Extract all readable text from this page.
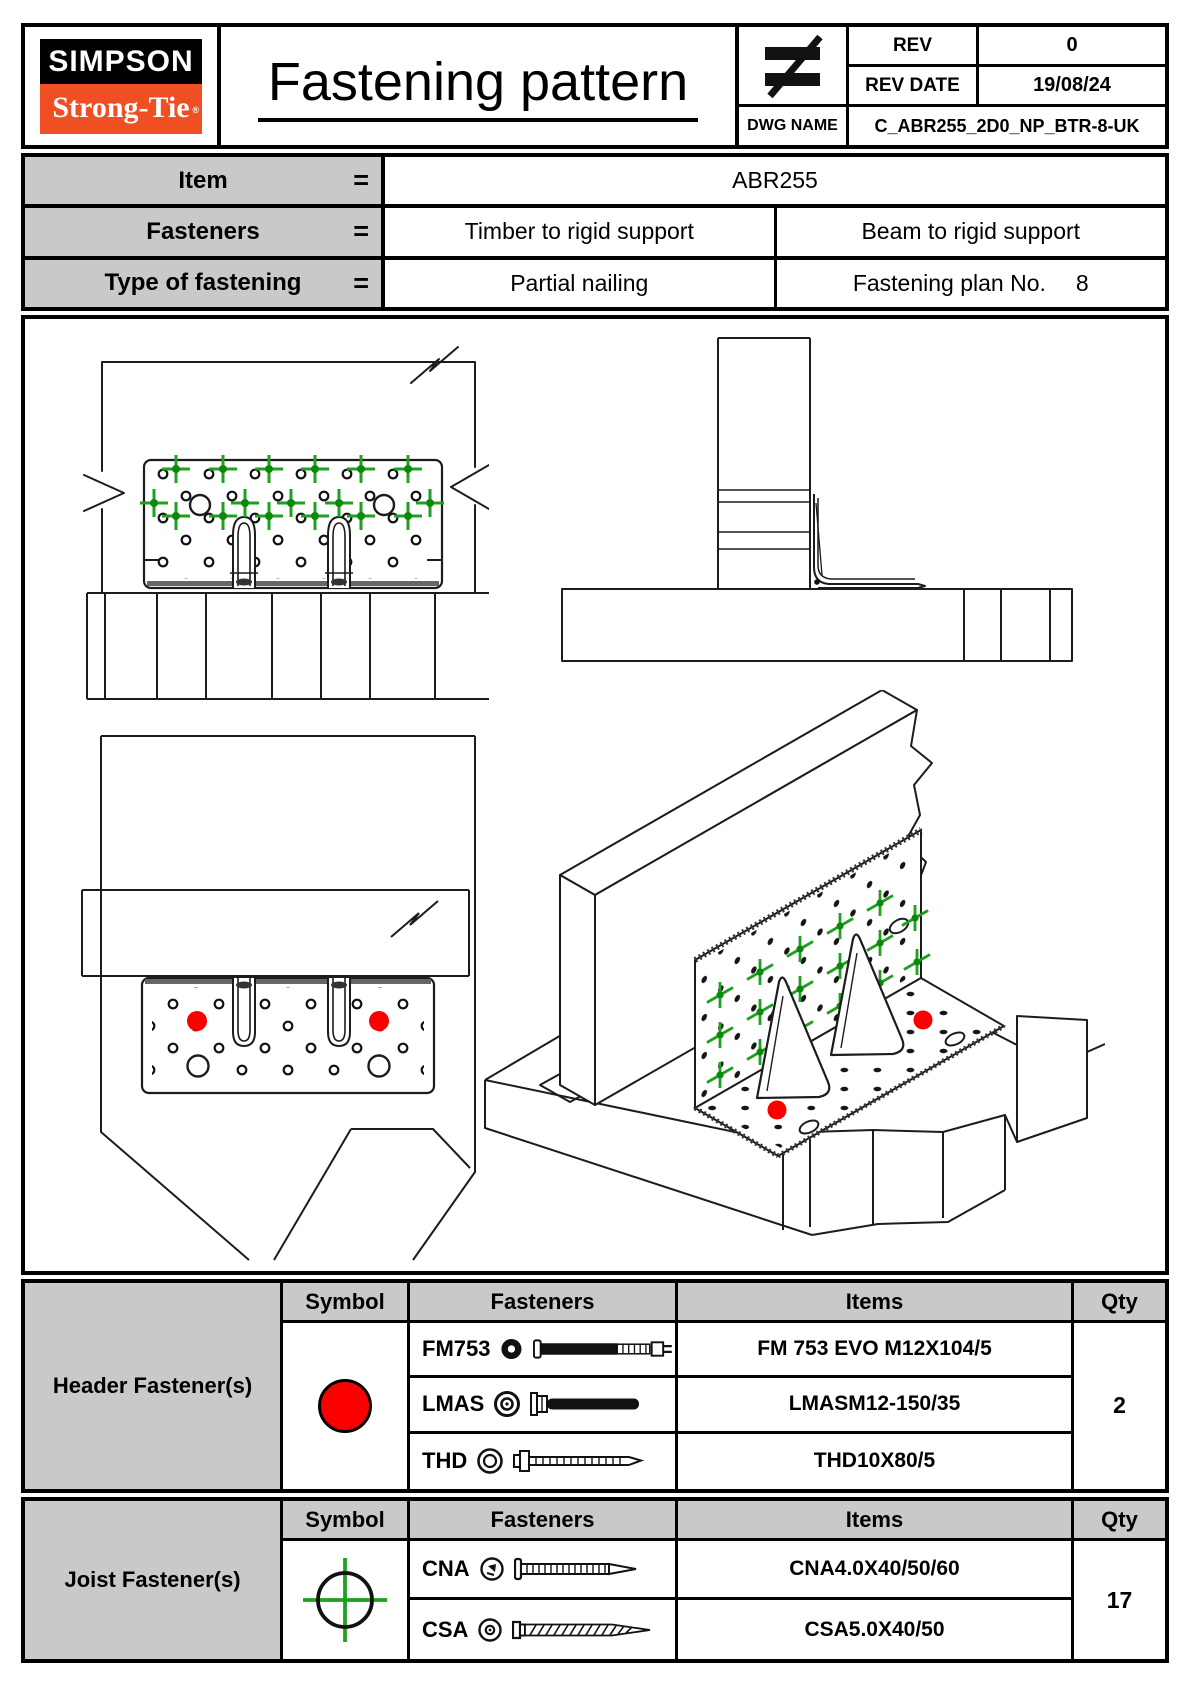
SIMPSON
Strong-Tie ® Fastening pattern
REV	0
REV DATE	19/08/24
DWG NAME	C_ABR255_2D0_NP_BTR-8-UK
Item	=	ABR255
Fasteners	=	Timber to rigid support	Beam to rigid support
Type of fastening =	Partial nailing	Fastening plan No. 8
Header Fastener(s)
Symbol	Fasteners	Items	Qty
FM753	FM 753 EVO M12X104/5
LMAS	LMASM12-150/35
THD	THD10X80/5
2
Joist Fastener(s)
Symbol	Fasteners	Items	Qty
CNA	CNA4.0X40/50/60
CSA	CSA5.0X40/50
17
